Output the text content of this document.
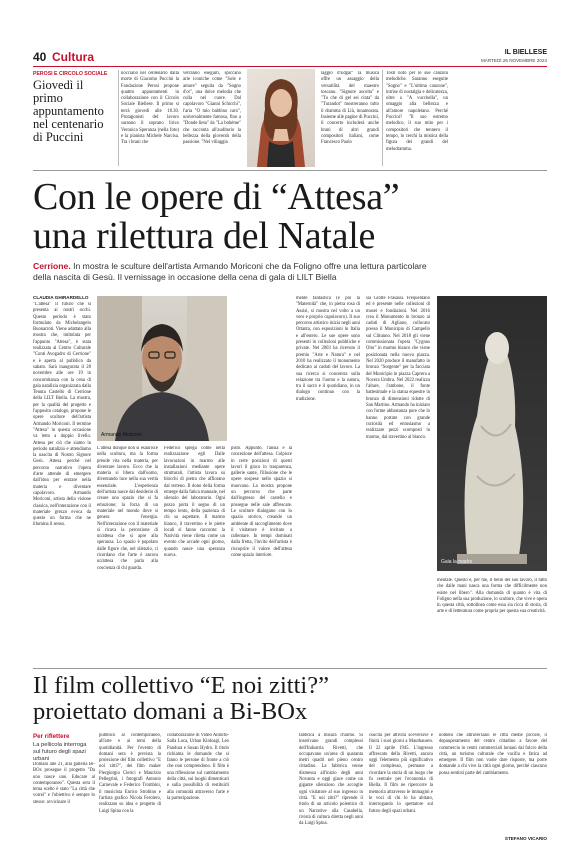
40 Cultura	IL BIELLESE
MARTEDÌ 26 NOVEMBRE 2024
PEROSI E CIRCOLO SOCIALE
Giovedì il primo appuntamento nel centenario di Puccini
nocciano nel centenario dalla morte di Giacomo Puccini la Fondazione Perosi propone quattro appuntamenti in collaborazione con il Circolo Sociale Biellese. Il primo si terrà giovedì alle 18.30. Protagonisti del lavoro saranno il soprano lirico Veronica Speranza (nella foto) e la pianista Michele Narcisa. Tra i brani che
verranno eseguiti, spiccano arie iconiche come "Sole e amore" seguita da "Sogno d'or", una dolce melodia che culla nel cuore. Dal capolavoro "Gianni Schicchi", l'aria "O mio babbino caro", universalmente famosa, fino a "Donde lieta" da "La bohème" che racconta all'auditorio la bellezza della gioventù della passione. "Nel villaggio
laggio d'Edgar" la musica offre un assaggio della versatilità del maestro toscano. "Signore ascolta" e "Tu che di gel sei cinta" da "Turandot" mostreranno tutto il dramma di Liù, innamorata. Insieme alle pagine di Puccini, il concerto includerà anche brani di altri grandi compositori italiani, come Francesco Paolo
Tosti noto per le sue canzoni melodiche. Saranno eseguite "Sogno" e "L'ultima canzone", intrise di nostalgia e delicatezza, oltre a "A vucchella", un omaggio alla bellezza e all'amore napoletano. Perché Puccini? "Il suo estremo melodico, il suo mito per i compositori che tennero il tempo, lo cerchi la mistica della figura dei grandi del melodramma.
Con le opere di “Attesa”
una rilettura del Natale
Cerrione. In mostra le sculture dell'artista Armando Moriconi che da Foligno offre una lettura particolare della nascita di Gesù. Il vernissage in occasione della cena di gala di LILT Biella
CLAUDIA GHIRARDELLO
"L'attesa" Il futuro che si presenta ai nostri occhi. Questo periodo è stato formulato da Michelangelo Buonarroti. Viene adattato alla mostra che, intitolata per l'appunto "Attesa", è stata realizzata al Centro Culturale "Conti Avogadro di Cerrione" e è aperta al pubblico da sabato. Sarà inaugurata il 28 novembre alle ore 19 in concomitanza con la cena di gala natalizia organizzata dalla Tenuta Castello di Cerrione della LILT Biella. La mostra, per la qualità del progetto e l'apposito catalogo, propone le opere scultore dell'artista Armando Moriconi. Il termine "Attesa" in questa occasione va letto a doppio livello. Attesa per ciò che siamo in periodo natalizio e attendiamo la nascita di Nostro Signore Gesù. Attesa perché nel percorso narrativo l'opera d'arte attende di emergere dall'idea per entrare nella materia e diventare capolavoro. Armando Moriconi, artista della visione classica, nell'interazione con il materiale grezzo evoca da questo un forma che ne illumina il senso.
Armando Moriconi
L'attesa dunque non si esaurisce nella scultura, ma la forma prende vita nella materia, per diventare lavoro. Ecco che la materia si libera dall'uomo, diventando luce nella sua verità essenziale. L'esperienza dell'artista nasce dal desiderio di creare uno spazio che si fa emozione; la forza di un materiale nel mondo dove si genera l'energia. Nell'interazione con il materiale si ricava la percezione di un'attesa che si apre alla speranza. Lo spazio è popolato dalle figure che, nel silenzio, ci ricordano che l'arte è ancora un'attesa che parla alla coscienza di chi guarda.
Federico spiega come nella realizzazione egli Dalle lavorazioni in marmo alle installazioni mediante opere strutturali, l'artista lavora su blocchi di pietra che affiorano dal terreno. Il dono della forma emerge dalla fatica manuale, nel silenzio del laboratorio. Ogni pezzo porta il segno di un tempo lento, della pazienza di chi sa aspettare. Il marmo bianco, il travertino e le pietre locali si fanno racconto: la Natività viene riletta come un evento che accade ogni giorno, quando nasce una speranza nuova.
pisto. Appunto, l'ansia e la concezione dell'attesa. Colpisce in certe posizioni di questi lavori il gioco in trasparenza, gallerie sante, l'illusione che le opere sospese nello spazio si muovano. La mostra propone un percorso che parte dall'ingresso del castello e prosegue nelle sale affrescate. Le sculture dialogano con lo spazio storico, creando un ambiente di raccoglimento dove il visitatore è invitato a rallentare. In tempi dominati dalla fretta, l'invito dell'artista è riscoprire il valore dell'attesa come spazio interiore.
mente fantastica (e poi la "Maternità" che, in pietra rosa di Assisi, si mostra nel volto a un vero e proprio capolavoro). Il suo percorso artistico inizia negli anni Ottanta, con esposizioni in Italia e all'estero. Le sue opere sono presenti in collezioni pubbliche e private. Nel 2003 ha ricevuto il premio "Arte e Natura" e nel 2010 ha realizzato il monumento dedicato ai caduti del lavoro. La sua ricerca si concentra sulla relazione tra l'uomo e la natura, tra il sacro e il quotidiano, in un dialogo continuo con la tradizione.
sia Grotte Frasassi. Frequentano ed è presente nelle collezioni di musei e fondazioni. Nel 2016 crea il Monumento in bronzo ai caduti di Agliano, collocato presso il Municipio di Campello sul Clitunno. Nel 2018 gli viene commissionata l'opera "Cygnus Olor" in marmo bianco che viene posizionata nella nuova piazza. Nel 2020 produce il manufatto in bronzo "Sorgente" per la facciata del Municipio in piazza Caprera a Nocera Umbra. Nel 2022 realizza l'altare, l'ambone, il fonte battesimale e la statua equestre in bronzo di dimensioni ridotte di San Martino. Armando ha iniziato con forme abbastanza pure che lo hanno portato con grande curiosità ed entusiasmo a realizzare pezzi scomposti in marmo, dal travertino al bianco.
Gaia la madre
mentale. Questo è, per me, il bello del suo lavoro, il fatto che dalle mani nasca una forma che difficilmente non esiste nel libero". Alla domanda di quanto è vita di Foligno nella sua produzione, lo scultore, che vive e opera in questa città, sottolinea come essa sia ricca di storia, di arte e di letteratura come propria per questa sua creatività.
Il film collettivo “E noi zitti?”
proiettato domani a Bi-BOx
Per riflettere
La pellicola interroga sul futuro degli spazi urbani
Domani alle 21, alla galleria Bi-BOx prosegue il progetto "Da uno nasce uno. Educare al contemporaneo". Questa sera il tema scelto è stato "La città che vorrei" e l'obiettivo è sempre lo stesso: avvicinare il
pubblico al contemporaneo, all'arte e ai temi della quotidianità. Per l'evento di domani sera è prevista la proiezione del film collettivo "E noi zitti?", dei film maker Piergiorgio Clerici e Maurizio Pellegrini, i fotografi Antonio Carnevale e Federico Trombini, il musicista Enrico Strobino e l'artista grafico Nicola Ferolero, realizzato su idea e progetto di Luigi Spina con la
collaborazione di Video Antolfo-Salla Luca, Urban Kinloagi, Leo Pandura e Susan Hydro. Il titolo richiama le domande che si fanno le persone di fronte a ciò che non comprendono. Il film è una riflessione sul cambiamento della città, sui luoghi dimenticati e sulla possibilità di restituirli alla comunità attraverso l'arte e la partecipazione.
fabbrica a misura d'uomo. Si inserivano grandi complessi dell'Industria Rivetti, che occupavano un'area di quaranta metri quadri nel pieno centro cittadino. La fabbrica venne dismessa all'inizio degli anni Novanta e oggi giace come un gigante silenzioso che accoglie ogni visitatore al suo ingresso in città. "E noi zitti?" riprende il titolo di un articolo polemico di un Narrative alla Casabella, rivista di cultura diretta negli anni da Luigi Spina.
cuscita per attività sovversive e finirà i suoi giorni a Mauthausen. Il 22 aprile 1945. L'ingresso affrescato della Rivetti, ancora oggi l'elemento più significativo del complesso, permane a ricordare la storia di un luogo che fu centrale per l'economia di Biella. Il film ne ripercorre la memoria attraverso le immagini e le voci di chi lo ha abitato, interrogando lo spettatore sul futuro degli spazi urbani.
nomeni che attraversano le città medie piccole, il depauperamento del centro cittadino a favore del commercio in centri commerciali lontani dal fulcro della città, un turismo culturale che vacilla e fatica ad emergere. Il film non vuole dare risposte, ma porre domande a chi vive la città ogni giorno, perché ciascuno possa sentirsi parte del cambiamento.
STEFANO VICARIO
